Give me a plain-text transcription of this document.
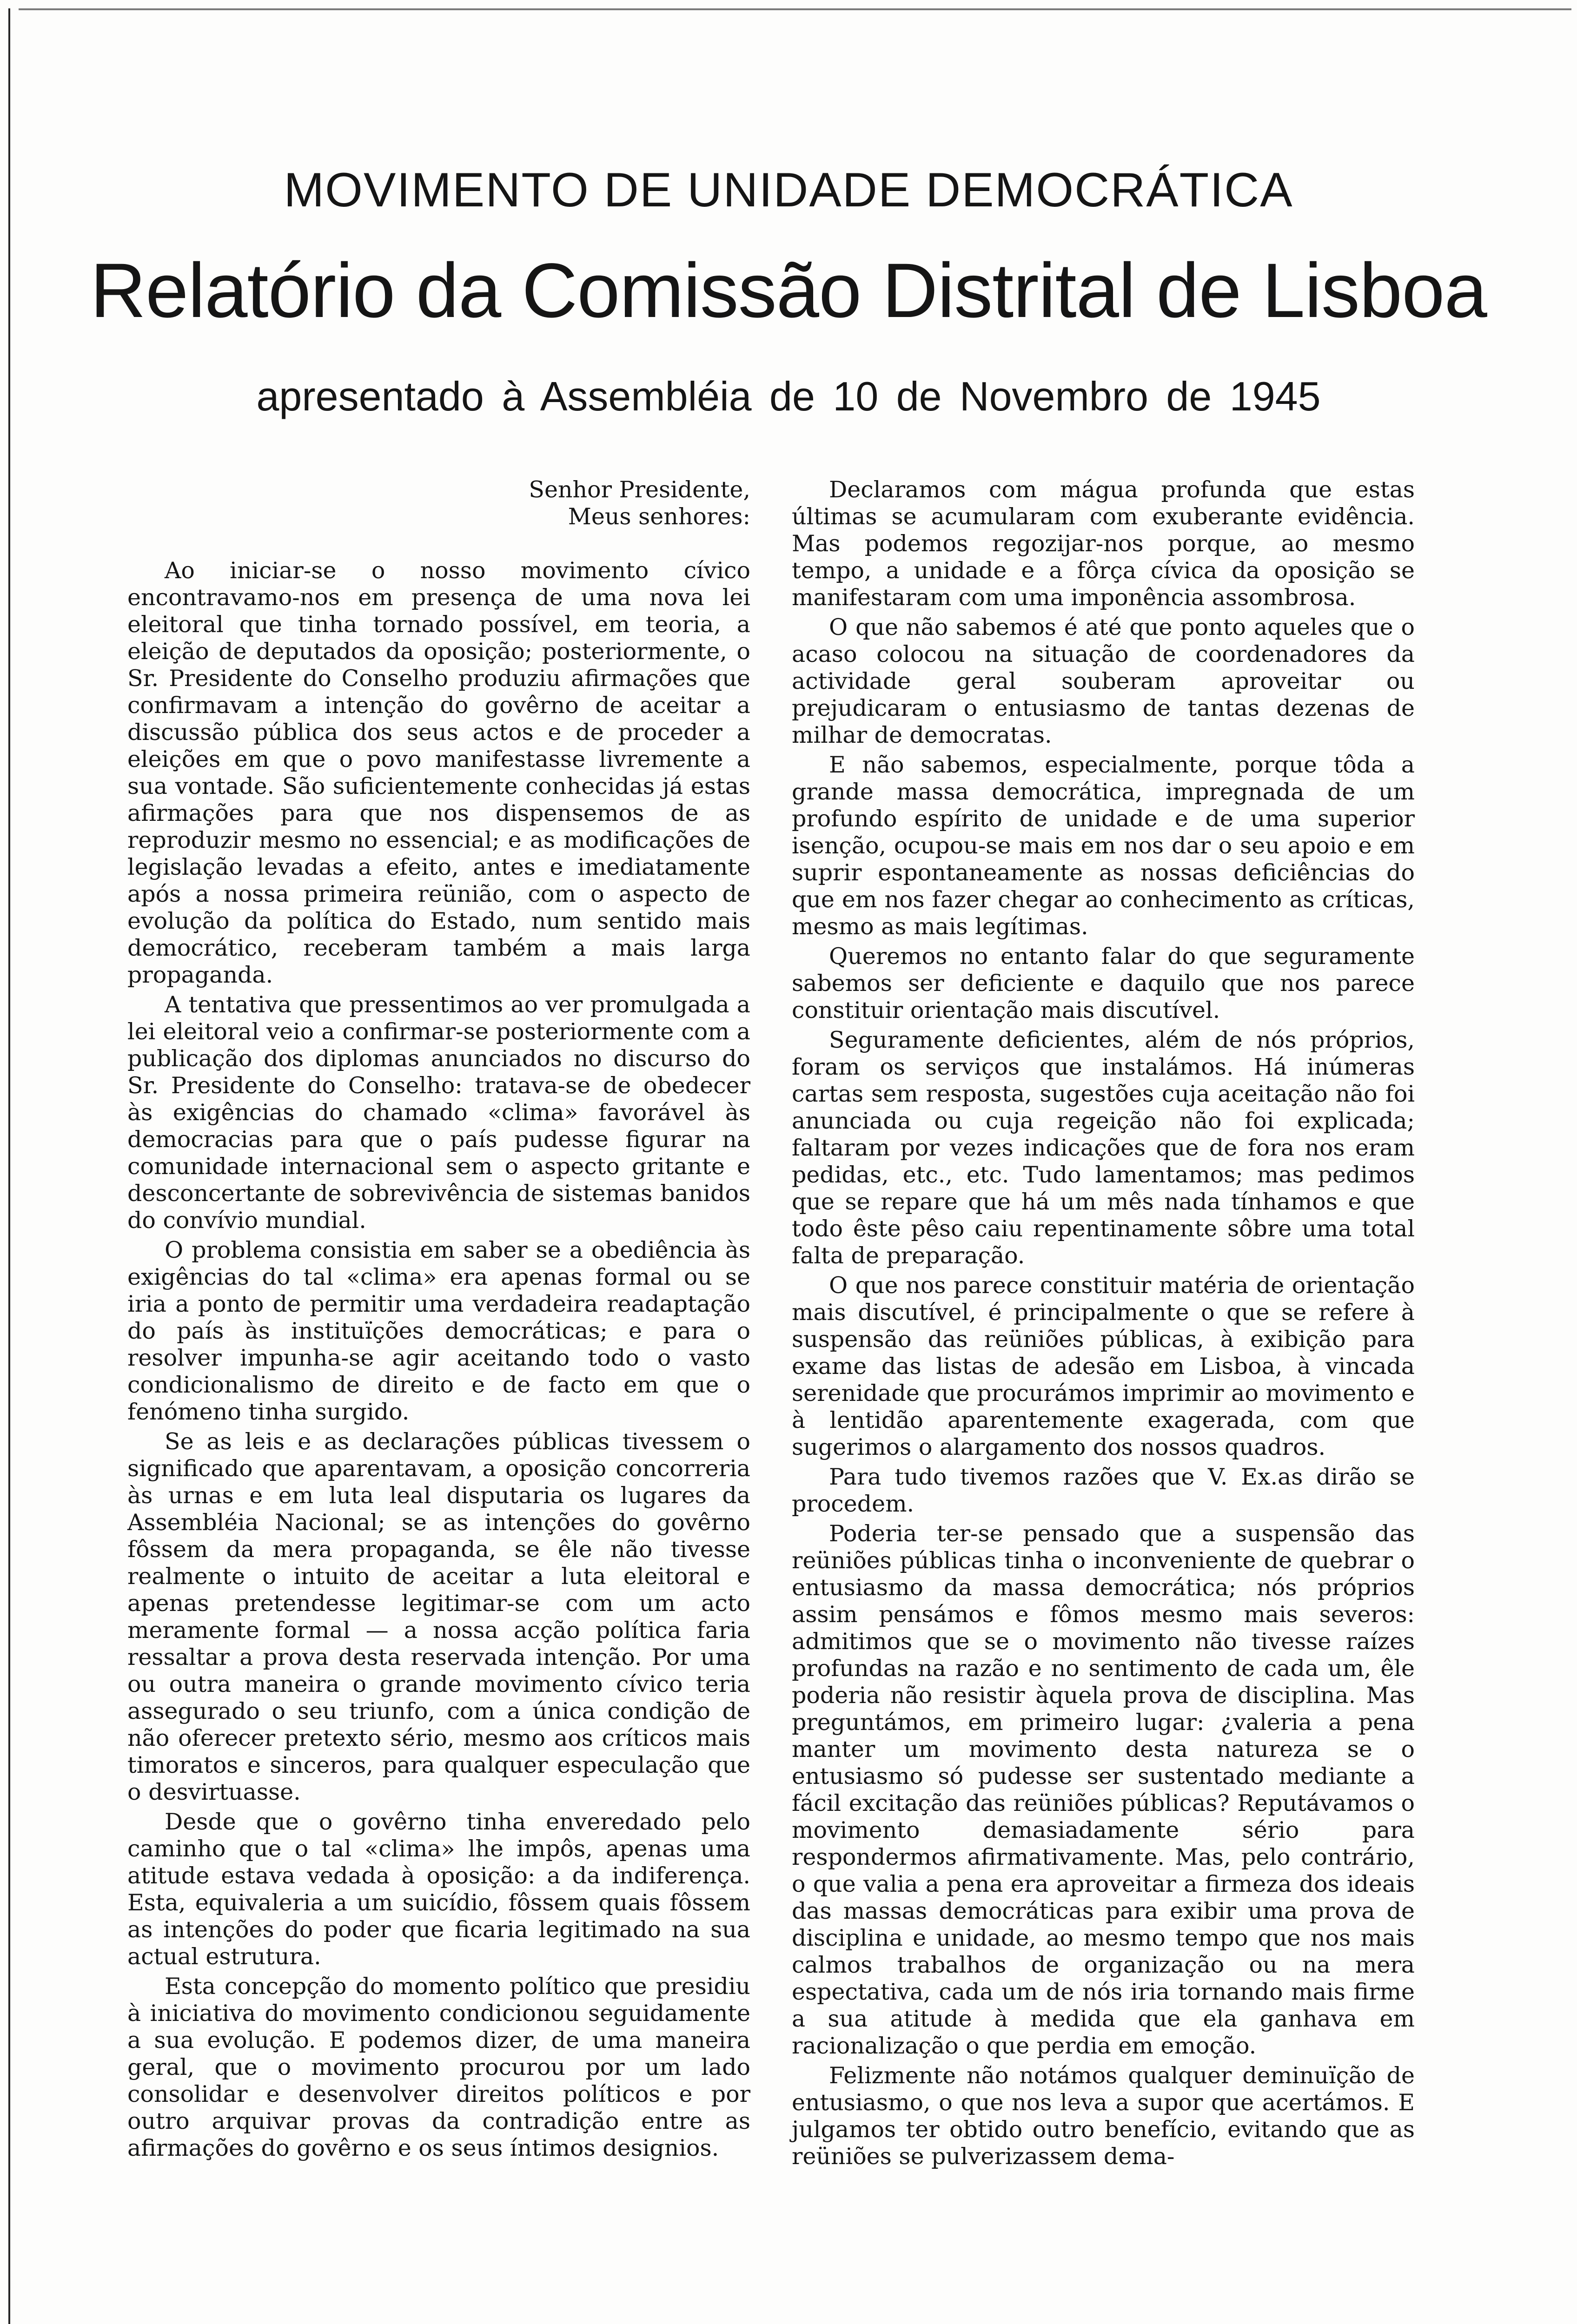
MOVIMENTO DE UNIDADE DEMOCRÁTICA
Relatório da Comissão Distrital de Lisboa
apresentado à Assembléia de 10 de Novembro de 1945
Senhor Presidente,
Meus senhores:

Ao iniciar-se o nosso movimento cívico encontravamo-nos em presença de uma nova lei eleitoral que tinha tornado possível, em teoria, a eleição de deputados da oposição; posteriormente, o Sr. Presidente do Conselho produziu afirmações que confirmavam a intenção do govêrno de aceitar a discussão pública dos seus actos e de proceder a eleições em que o povo manifestasse livremente a sua vontade. São suficientemente conhecidas já estas afirmações para que nos dispensemos de as reproduzir mesmo no essencial; e as modificações de legislação levadas a efeito, antes e imediatamente após a nossa primeira reünião, com o aspecto de evolução da política do Estado, num sentido mais democrático, receberam também a mais larga propaganda.

A tentativa que pressentimos ao ver promulgada a lei eleitoral veio a confirmar-se posteriormente com a publicação dos diplomas anunciados no discurso do Sr. Presidente do Conselho: tratava-se de obedecer às exigências do chamado «clima» favorável às democracias para que o país pudesse figurar na comunidade internacional sem o aspecto gritante e desconcertante de sobrevivência de sistemas banidos do convívio mundial.

O problema consistia em saber se a obediência às exigências do tal «clima» era apenas formal ou se iria a ponto de permitir uma verdadeira readaptação do país às instituïções democráticas; e para o resolver impunha-se agir aceitando todo o vasto condicionalismo de direito e de facto em que o fenómeno tinha surgido.

Se as leis e as declarações públicas tivessem o significado que aparentavam, a oposição concorreria às urnas e em luta leal disputaria os lugares da Assembléia Nacional; se as intenções do govêrno fôssem da mera propaganda, se êle não tivesse realmente o intuito de aceitar a luta eleitoral e apenas pretendesse legitimar-se com um acto meramente formal — a nossa acção política faria ressaltar a prova desta reservada intenção. Por uma ou outra maneira o grande movimento cívico teria assegurado o seu triunfo, com a única condição de não oferecer pretexto sério, mesmo aos críticos mais timoratos e sinceros, para qualquer especulação que o desvirtuasse.

Desde que o govêrno tinha enveredado pelo caminho que o tal «clima» lhe impôs, apenas uma atitude estava vedada à oposição: a da indiferença. Esta, equivaleria a um suicídio, fôssem quais fôssem as intenções do poder que ficaria legitimado na sua actual estrutura.

Esta concepção do momento político que presidiu à iniciativa do movimento condicionou seguidamente a sua evolução. E podemos dizer, de uma maneira geral, que o movimento procurou por um lado consolidar e desenvolver direitos políticos e por outro arquivar provas da contradição entre as afirmações do govêrno e os seus íntimos designios.

Declaramos com mágua profunda que estas últimas se acumularam com exuberante evidência. Mas podemos regozijar-nos porque, ao mesmo tempo, a unidade e a fôrça cívica da oposição se manifestaram com uma imponência assombrosa.

O que não sabemos é até que ponto aqueles que o acaso colocou na situação de coordenadores da actividade geral souberam aproveitar ou prejudicaram o entusiasmo de tantas dezenas de milhar de democratas.

E não sabemos, especialmente, porque tôda a grande massa democrática, impregnada de um profundo espírito de unidade e de uma superior isenção, ocupou-se mais em nos dar o seu apoio e em suprir espontaneamente as nossas deficiências do que em nos fazer chegar ao conhecimento as críticas, mesmo as mais legítimas.

Queremos no entanto falar do que seguramente sabemos ser deficiente e daquilo que nos parece constituir orientação mais discutível.

Seguramente deficientes, além de nós próprios, foram os serviços que instalámos. Há inúmeras cartas sem resposta, sugestões cuja aceitação não foi anunciada ou cuja regeição não foi explicada; faltaram por vezes indicações que de fora nos eram pedidas, etc., etc. Tudo lamentamos; mas pedimos que se repare que há um mês nada tínhamos e que todo êste pêso caiu repentinamente sôbre uma total falta de preparação.

O que nos parece constituir matéria de orientação mais discutível, é principalmente o que se refere à suspensão das reüniões públicas, à exibição para exame das listas de adesão em Lisboa, à vincada serenidade que procurámos imprimir ao movimento e à lentidão aparentemente exagerada, com que sugerimos o alargamento dos nossos quadros.

Para tudo tivemos razões que V. Ex.as dirão se procedem.

Poderia ter-se pensado que a suspensão das reüniões públicas tinha o inconveniente de quebrar o entusiasmo da massa democrática; nós próprios assim pensámos e fômos mesmo mais severos: admitimos que se o movimento não tivesse raízes profundas na razão e no sentimento de cada um, êle poderia não resistir àquela prova de disciplina. Mas preguntámos, em primeiro lugar: ¿valeria a pena manter um movimento desta natureza se o entusiasmo só pudesse ser sustentado mediante a fácil excitação das reüniões públicas? Reputávamos o movimento demasiadamente sério para respondermos afirmativamente. Mas, pelo contrário, o que valia a pena era aproveitar a firmeza dos ideais das massas democráticas para exibir uma prova de disciplina e unidade, ao mesmo tempo que nos mais calmos trabalhos de organização ou na mera espectativa, cada um de nós iria tornando mais firme a sua atitude à medida que ela ganhava em racionalização o que perdia em emoção.

Felizmente não notámos qualquer deminuïção de entusiasmo, o que nos leva a supor que acertámos. E julgamos ter obtido outro benefício, evitando que as reüniões se pulverizassem dema-
